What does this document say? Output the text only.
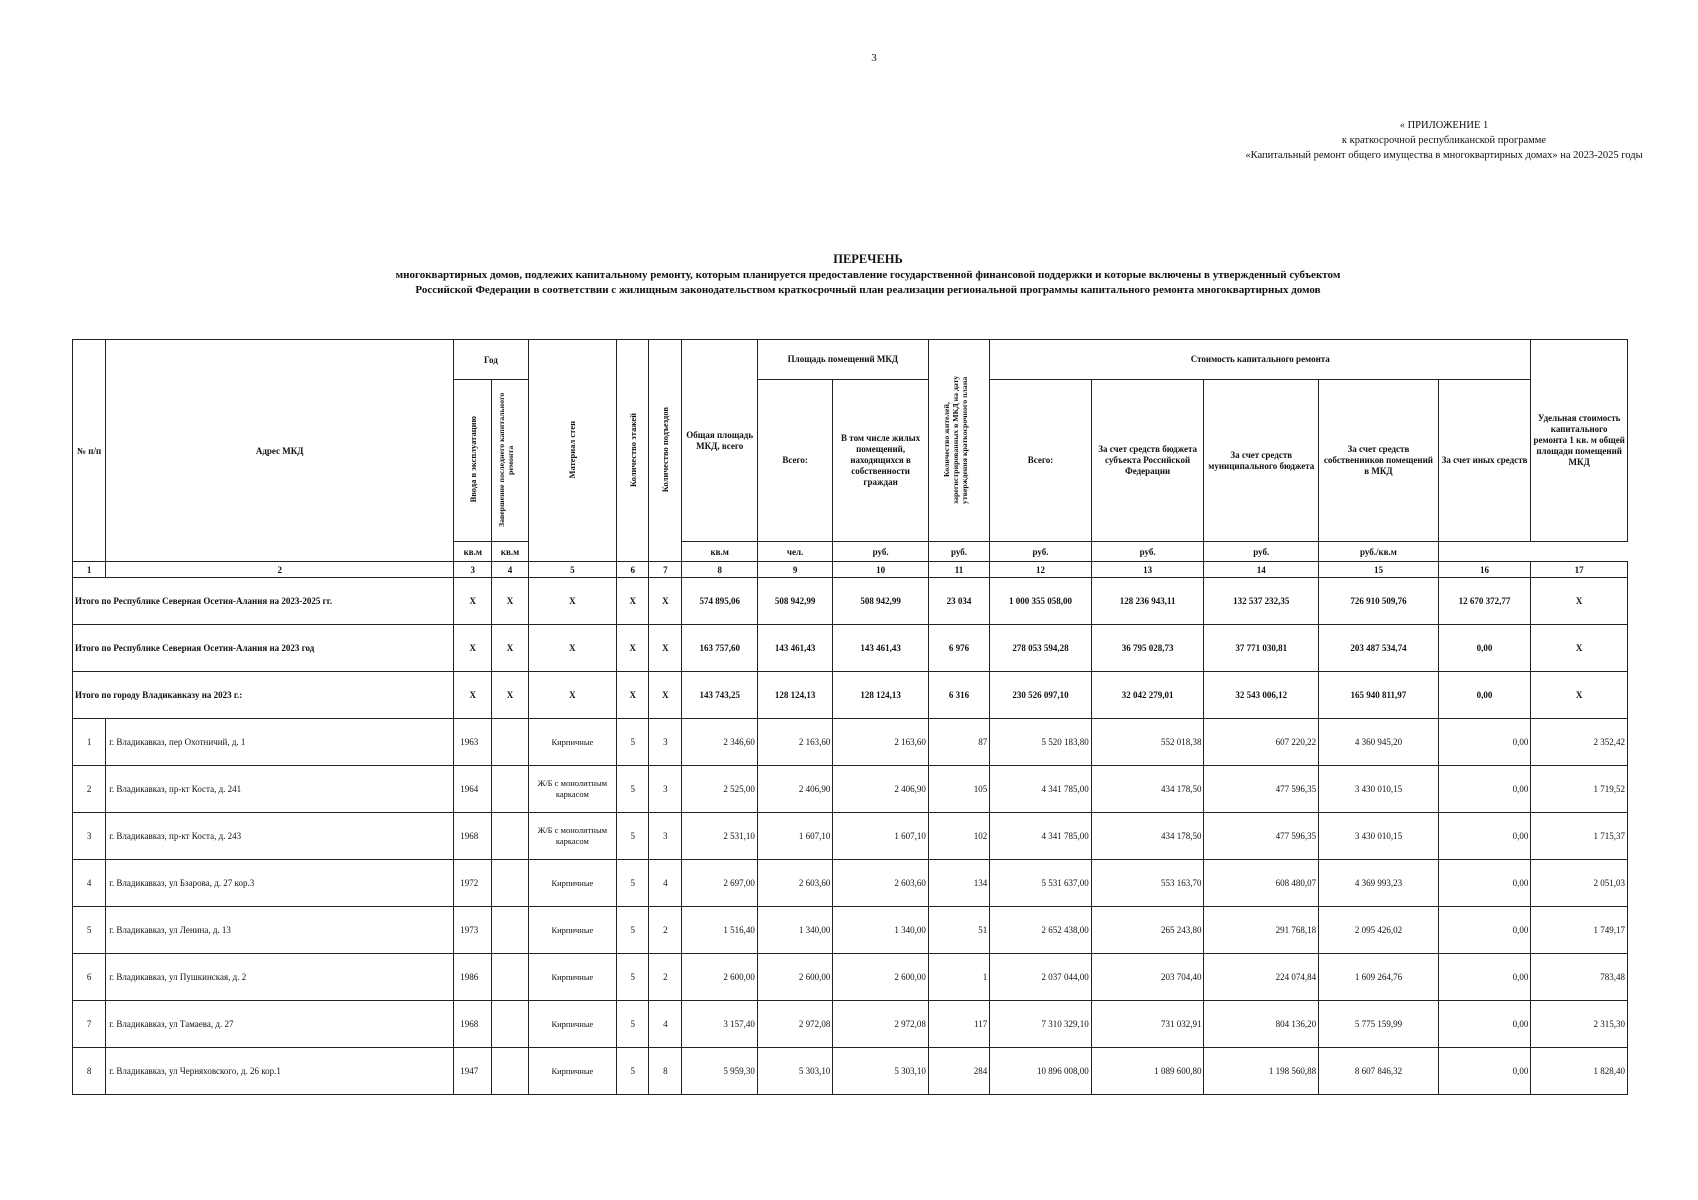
3
« ПРИЛОЖЕНИЕ 1
к краткосрочной республиканской программе
«Капитальный ремонт общего имущества в многоквартирных домах» на 2023-2025 годы
ПЕРЕЧЕНЬ
многоквартирных домов, подлежих капитальному ремонту, которым планируется предоставление государственной финансовой поддержки и которые включены в утвержденный субъектом
Российской Федерации в соответствии с жилищным законодательством краткосрочный план реализации региональной программы капитального ремонта многоквартирных домов
№ п/п	Адрес МКД	Год		Материал стен	Количество этажей	Количество подъездов	Общая площадь МКД, всего	Площадь помещений МКД		Количество жителей, зарегистрированных в МКД на дату утверждения краткосрочного плана	Стоимость капитального ремонта					Удельная стоимость капитального ремонта 1 кв. м общей площади помещений МКД
		Ввода в эксплуатацию	Завершение последнего капитального ремонта					Всего:	В том числе жилых помещений, находящихся в собственности граждан		Всего:	За счет средств бюджета субъекта Российской Федерации	За счет средств муниципального бюджета	За счет средств собственников помещений в МКД	За счет иных средств	
		кв.м	кв.м				кв.м	чел.	руб.	руб.	руб.	руб.	руб.	руб./кв.м		
1	2	3	4	5	6	7	8	9	10	11	12	13	14	15	16	17
Итого по Республике Северная Осетия-Алания на 2023-2025 гг.		X	X	X	X	X	574 895,06	508 942,99	508 942,99	23 034	1 000 355 058,00	128 236 943,11	132 537 232,35	726 910 509,76	12 670 372,77	X
Итого по Республике Северная Осетия-Алания на 2023 год		X	X	X	X	X	163 757,60	143 461,43	143 461,43	6 976	278 053 594,28	36 795 028,73	37 771 030,81	203 487 534,74	0,00	X
Итого по городу Владикавказу на 2023 г.:		X	X	X	X	X	143 743,25	128 124,13	128 124,13	6 316	230 526 097,10	32 042 279,01	32 543 006,12	165 940 811,97	0,00	X
1	г. Владикавказ, пер Охотничий, д. 1	1963		Кирпичные	5	3	2 346,60	2 163,60	2 163,60	87	5 520 183,80	552 018,38	607 220,22	4 360 945,20	0,00	2 352,42
2	г. Владикавказ, пр-кт Коста, д. 241	1964		Ж/Б с монолитным каркасом	5	3	2 525,00	2 406,90	2 406,90	105	4 341 785,00	434 178,50	477 596,35	3 430 010,15	0,00	1 719,52
3	г. Владикавказ, пр-кт Коста, д. 243	1968		Ж/Б с монолитным каркасом	5	3	2 531,10	1 607,10	1 607,10	102	4 341 785,00	434 178,50	477 596,35	3 430 010,15	0,00	1 715,37
4	г. Владикавказ, ул Бзарова, д. 27 кор.3	1972		Кирпичные	5	4	2 697,00	2 603,60	2 603,60	134	5 531 637,00	553 163,70	608 480,07	4 369 993,23	0,00	2 051,03
5	г. Владикавказ, ул Ленина, д. 13	1973		Кирпичные	5	2	1 516,40	1 340,00	1 340,00	51	2 652 438,00	265 243,80	291 768,18	2 095 426,02	0,00	1 749,17
6	г. Владикавказ, ул Пушкинская, д. 2	1986		Кирпичные	5	2	2 600,00	2 600,00	2 600,00	1	2 037 044,00	203 704,40	224 074,84	1 609 264,76	0,00	783,48
7	г. Владикавказ, ул Тамаева, д. 27	1968		Кирпичные	5	4	3 157,40	2 972,08	2 972,08	117	7 310 329,10	731 032,91	804 136,20	5 775 159,99	0,00	2 315,30
8	г. Владикавказ, ул Черняховского, д. 26 кор.1	1947		Кирпичные	5	8	5 959,30	5 303,10	5 303,10	284	10 896 008,00	1 089 600,80	1 198 560,88	8 607 846,32	0,00	1 828,40
